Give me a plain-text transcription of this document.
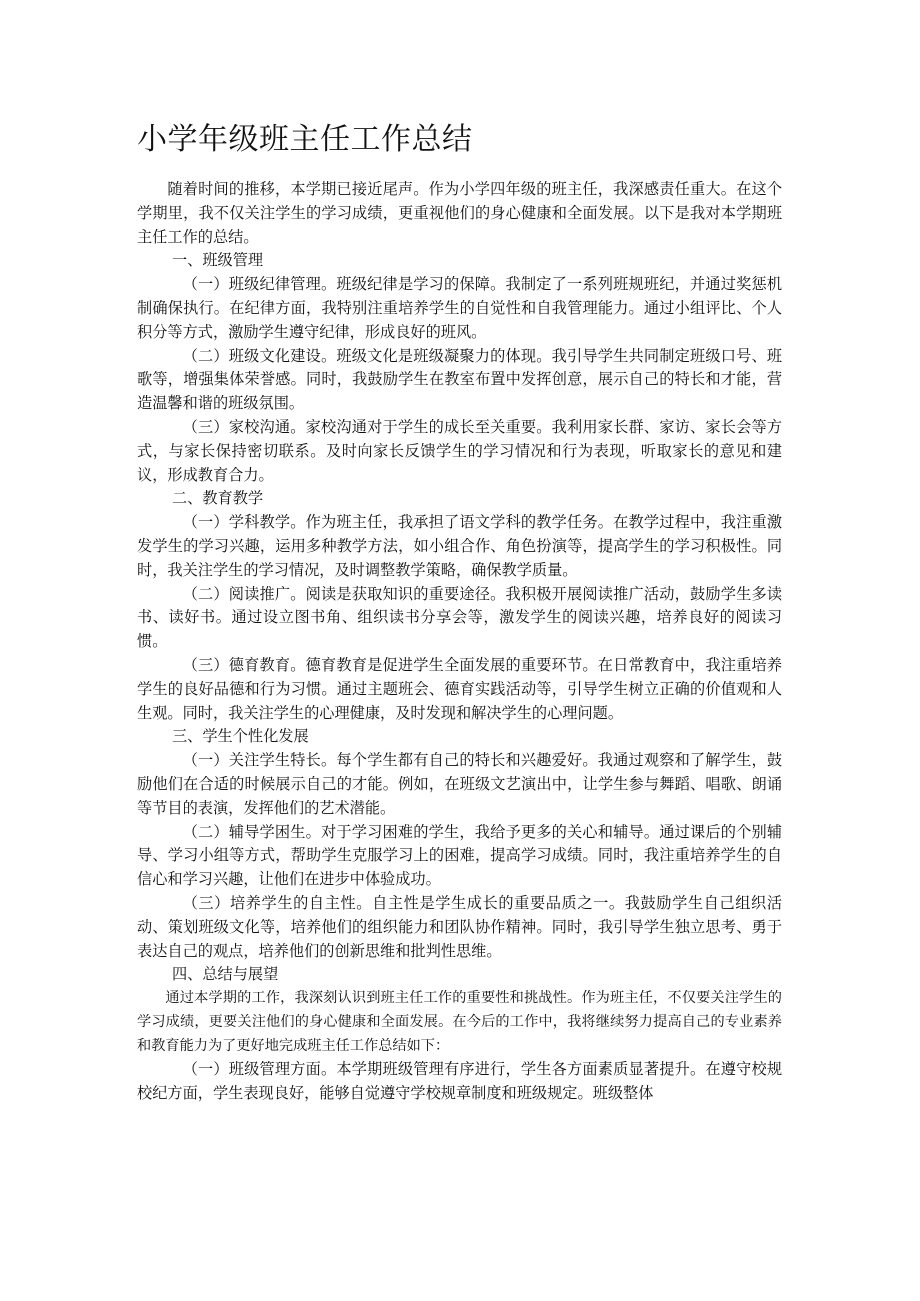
小学年级班主任工作总结

随着时间的推移，本学期已接近尾声。作为小学四年级的班主任，我深感责任重大。在这个学期里，我不仅关注学生的学习成绩，更重视他们的身心健康和全面发展。以下是我对本学期班主任工作的总结。

一、班级管理

（一）班级纪律管理。班级纪律是学习的保障。我制定了一系列班规班纪，并通过奖惩机制确保执行。在纪律方面，我特别注重培养学生的自觉性和自我管理能力。通过小组评比、个人积分等方式，激励学生遵守纪律，形成良好的班风。

（二）班级文化建设。班级文化是班级凝聚力的体现。我引导学生共同制定班级口号、班歌等，增强集体荣誉感。同时，我鼓励学生在教室布置中发挥创意，展示自己的特长和才能，营造温馨和谐的班级氛围。

（三）家校沟通。家校沟通对于学生的成长至关重要。我利用家长群、家访、家长会等方式，与家长保持密切联系。及时向家长反馈学生的学习情况和行为表现，听取家长的意见和建议，形成教育合力。

二、教育教学

（一）学科教学。作为班主任，我承担了语文学科的教学任务。在教学过程中，我注重激发学生的学习兴趣，运用多种教学方法，如小组合作、角色扮演等，提高学生的学习积极性。同时，我关注学生的学习情况，及时调整教学策略，确保教学质量。

（二）阅读推广。阅读是获取知识的重要途径。我积极开展阅读推广活动，鼓励学生多读书、读好书。通过设立图书角、组织读书分享会等，激发学生的阅读兴趣，培养良好的阅读习惯。

（三）德育教育。德育教育是促进学生全面发展的重要环节。在日常教育中，我注重培养学生的良好品德和行为习惯。通过主题班会、德育实践活动等，引导学生树立正确的价值观和人生观。同时，我关注学生的心理健康，及时发现和解决学生的心理问题。

三、学生个性化发展

（一）关注学生特长。每个学生都有自己的特长和兴趣爱好。我通过观察和了解学生，鼓励他们在合适的时候展示自己的才能。例如，在班级文艺演出中，让学生参与舞蹈、唱歌、朗诵等节目的表演，发挥他们的艺术潜能。

（二）辅导学困生。对于学习困难的学生，我给予更多的关心和辅导。通过课后的个别辅导、学习小组等方式，帮助学生克服学习上的困难，提高学习成绩。同时，我注重培养学生的自信心和学习兴趣，让他们在进步中体验成功。

（三）培养学生的自主性。自主性是学生成长的重要品质之一。我鼓励学生自己组织活动、策划班级文化等，培养他们的组织能力和团队协作精神。同时，我引导学生独立思考、勇于表达自己的观点，培养他们的创新思维和批判性思维。

四、总结与展望

通过本学期的工作，我深刻认识到班主任工作的重要性和挑战性。作为班主任，不仅要关注学生的学习成绩，更要关注他们的身心健康和全面发展。在今后的工作中，我将继续努力提高自己的专业素养和教育能力为了更好地完成班主任工作总结如下：

（一）班级管理方面。本学期班级管理有序进行，学生各方面素质显著提升。在遵守校规校纪方面，学生表现良好，能够自觉遵守学校规章制度和班级规定。班级整体
